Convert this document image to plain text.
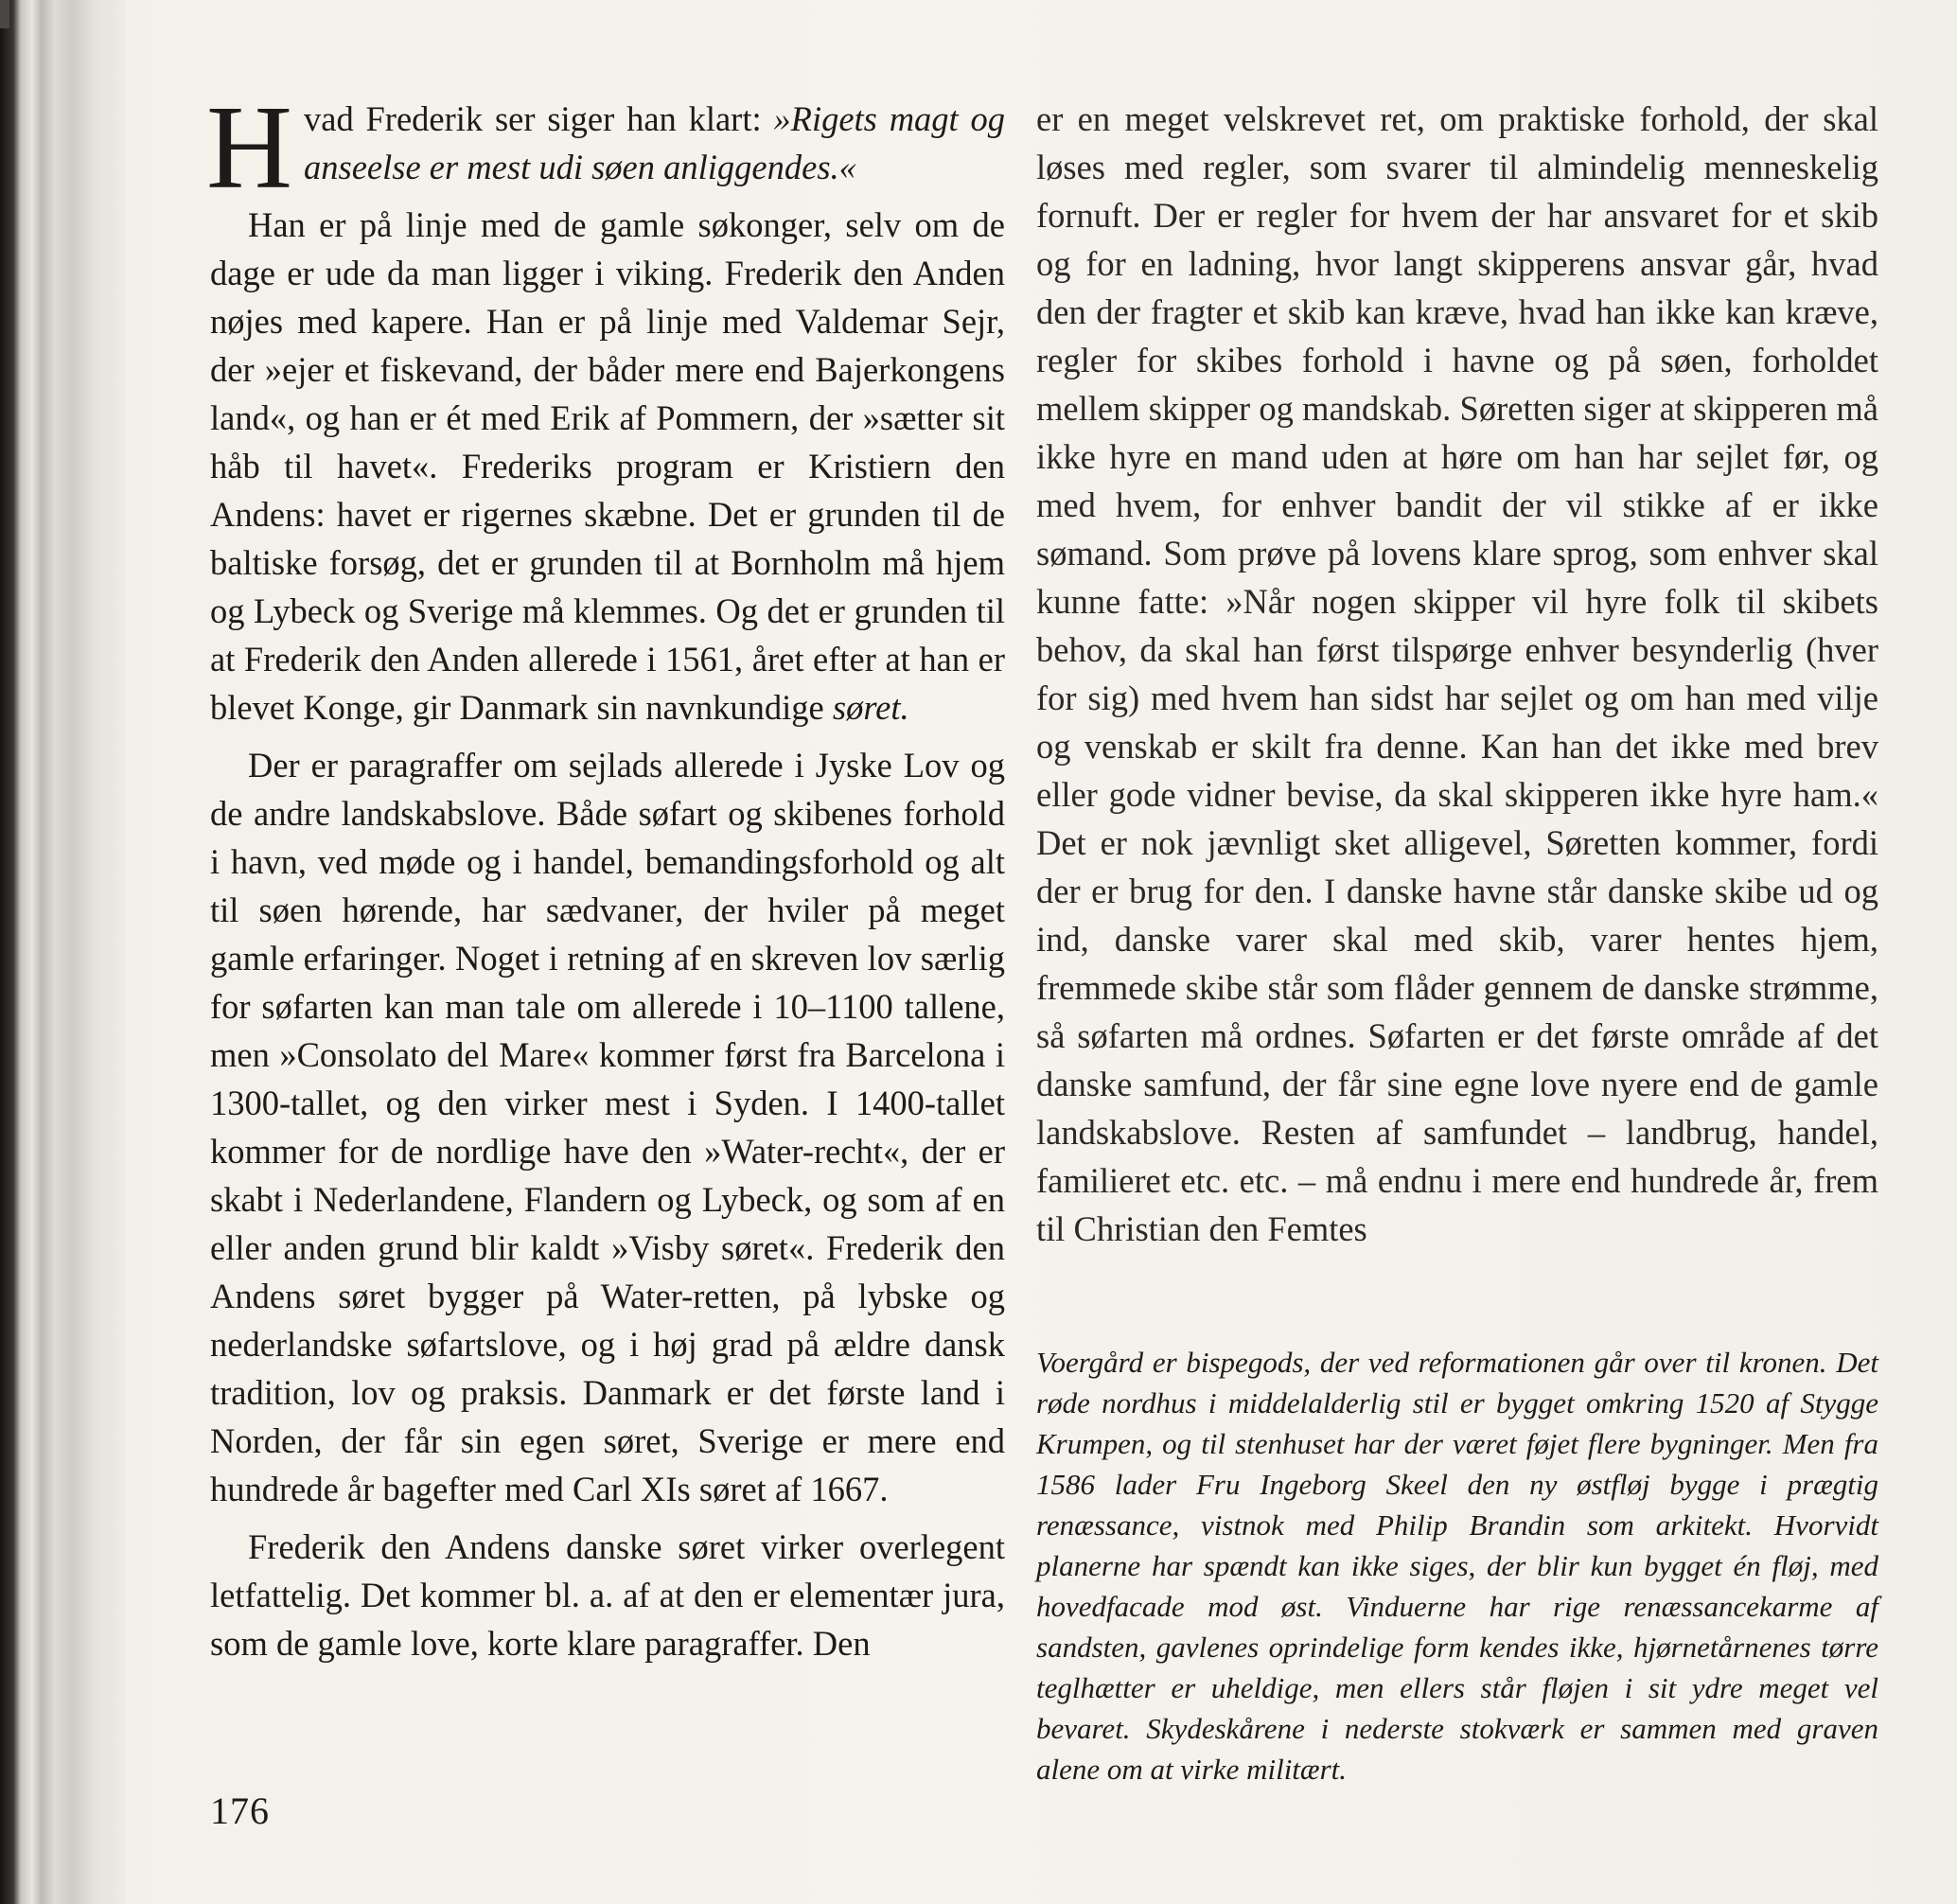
Hvad Frederik ser siger han klart: »Rigets magt og anseelse er mest udi søen anliggendes.«

Han er på linje med de gamle søkonger, selv om de dage er ude da man ligger i viking. Frederik den Anden nøjes med kapere. Han er på linje med Valdemar Sejr, der »ejer et fiskevand, der båder mere end Bajerkongens land«, og han er ét med Erik af Pommern, der »sætter sit håb til havet«. Frederiks program er Kristiern den Andens: havet er rigernes skæbne. Det er grunden til de baltiske forsøg, det er grunden til at Bornholm må hjem og Lybeck og Sverige må klemmes. Og det er grunden til at Frederik den Anden allerede i 1561, året efter at han er blevet Konge, gir Danmark sin navnkundige søret.

Der er paragraffer om sejlads allerede i Jyske Lov og de andre landskabslove. Både søfart og skibenes forhold i havn, ved møde og i handel, bemandingsforhold og alt til søen hørende, har sædvaner, der hviler på meget gamle erfaringer. Noget i retning af en skreven lov særlig for søfarten kan man tale om allerede i 10–1100 tallene, men »Consolato del Mare« kommer først fra Barcelona i 1300-tallet, og den virker mest i Syden. I 1400-tallet kommer for de nordlige have den »Water-recht«, der er skabt i Nederlandene, Flandern og Lybeck, og som af en eller anden grund blir kaldt »Visby søret«. Frederik den Andens søret bygger på Water-retten, på lybske og nederlandske søfartslove, og i høj grad på ældre dansk tradition, lov og praksis. Danmark er det første land i Norden, der får sin egen søret, Sverige er mere end hundrede år bagefter med Carl XIs søret af 1667.

Frederik den Andens danske søret virker overlegent letfattelig. Det kommer bl. a. af at den er elementær jura, som de gamle love, korte klare paragraffer. Den

er en meget velskrevet ret, om praktiske forhold, der skal løses med regler, som svarer til almindelig menneskelig fornuft. Der er regler for hvem der har ansvaret for et skib og for en ladning, hvor langt skipperens ansvar går, hvad den der fragter et skib kan kræve, hvad han ikke kan kræve, regler for skibes forhold i havne og på søen, forholdet mellem skipper og mandskab. Søretten siger at skipperen må ikke hyre en mand uden at høre om han har sejlet før, og med hvem, for enhver bandit der vil stikke af er ikke sømand. Som prøve på lovens klare sprog, som enhver skal kunne fatte: »Når nogen skipper vil hyre folk til skibets behov, da skal han først tilspørge enhver besynderlig (hver for sig) med hvem han sidst har sejlet og om han med vilje og venskab er skilt fra denne. Kan han det ikke med brev eller gode vidner bevise, da skal skipperen ikke hyre ham.« Det er nok jævnligt sket alligevel, Søretten kommer, fordi der er brug for den. I danske havne står danske skibe ud og ind, danske varer skal med skib, varer hentes hjem, fremmede skibe står som flåder gennem de danske strømme, så søfarten må ordnes. Søfarten er det første område af det danske samfund, der får sine egne love nyere end de gamle landskabslove. Resten af samfundet – landbrug, handel, familieret etc. etc. – må endnu i mere end hundrede år, frem til Christian den Femtes

Voergård er bispegods, der ved reformationen går over til kronen. Det røde nordhus i middelalderlig stil er bygget omkring 1520 af Stygge Krumpen, og til stenhuset har der været føjet flere bygninger. Men fra 1586 lader Fru Ingeborg Skeel den ny østfløj bygge i prægtig renæssance, vistnok med Philip Brandin som arkitekt. Hvorvidt planerne har spændt kan ikke siges, der blir kun bygget én fløj, med hovedfacade mod øst. Vinduerne har rige renæssancekarme af sandsten, gavlenes oprindelige form kendes ikke, hjørnetårnenes tørre teglhætter er uheldige, men ellers står fløjen i sit ydre meget vel bevaret. Skydeskårene i nederste stokværk er sammen med graven alene om at virke militært.

176
